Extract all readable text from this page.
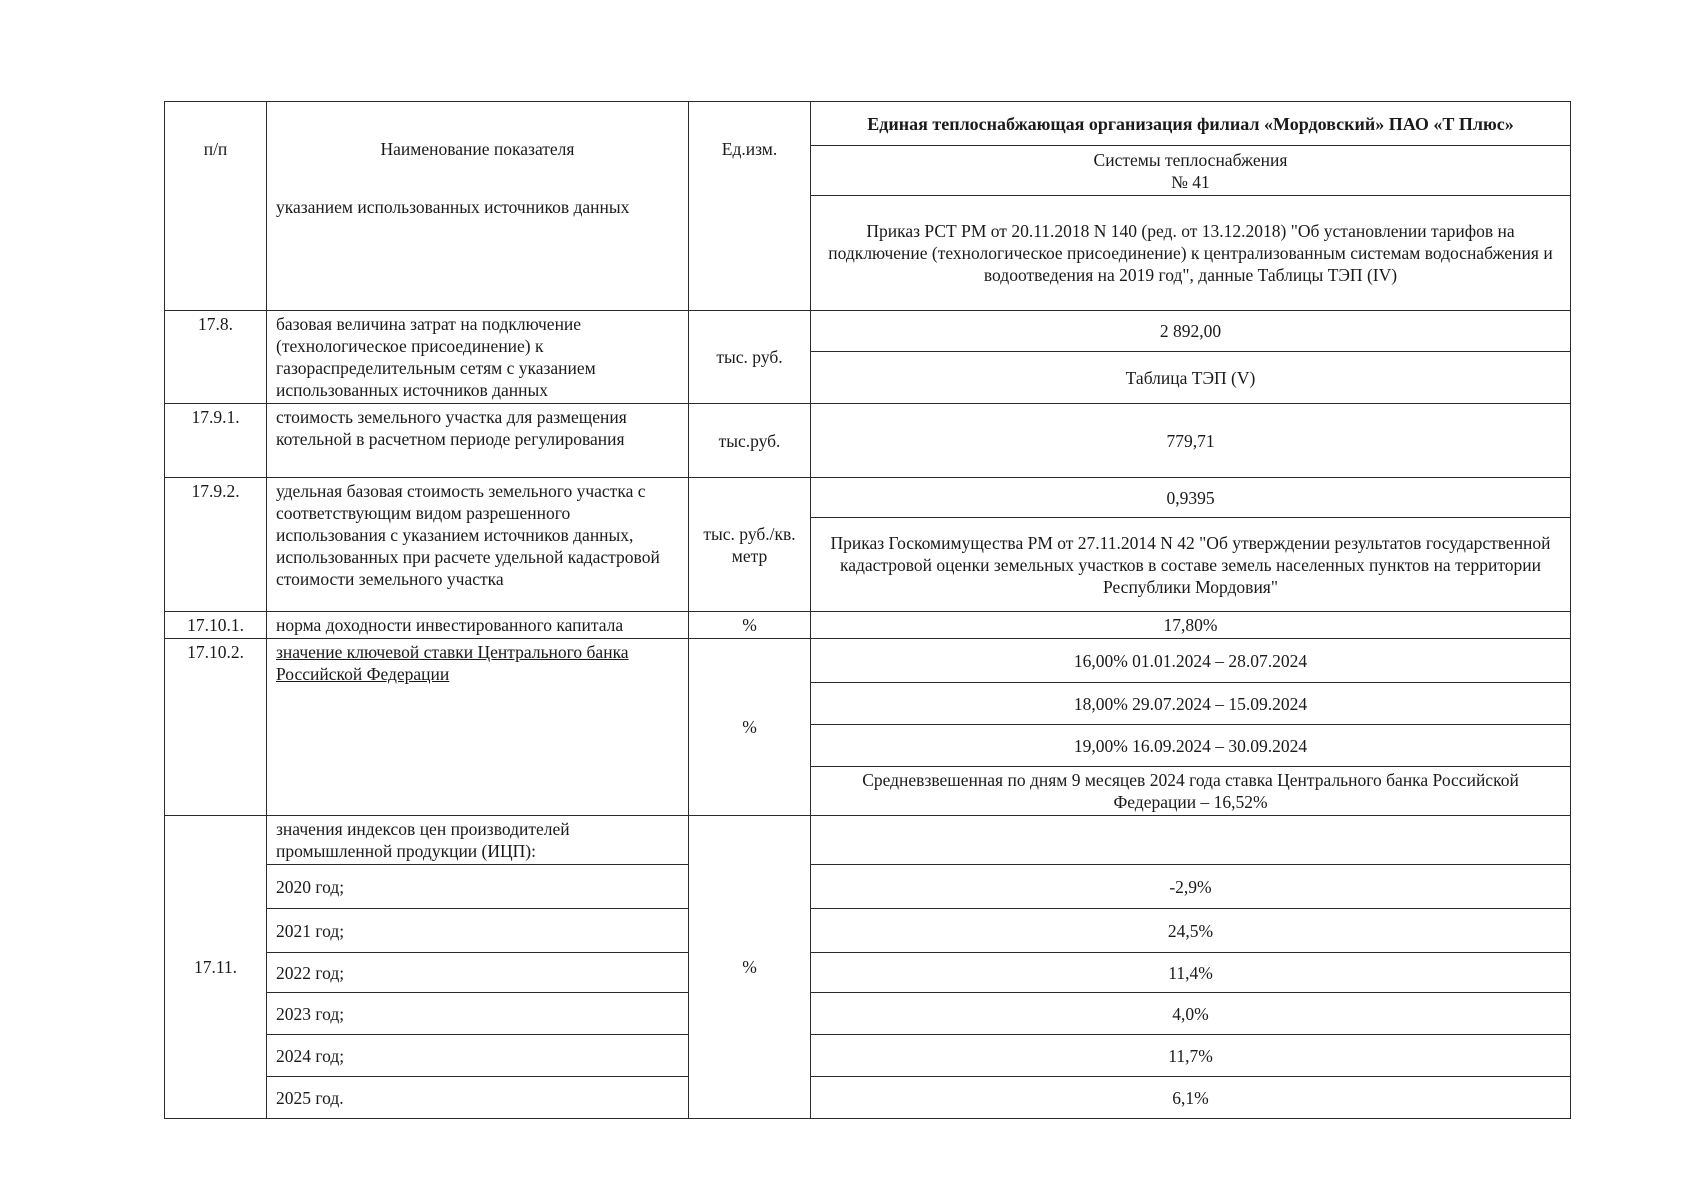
п/п	Наименование показателя	Ед.изм.	Единая теплоснабжающая организация филиал «Мордовский» ПАО «Т Плюс»

			Системы теплоснабжения
№ 41

	указанием использованных источников данных		Приказ РСТ РМ от 20.11.2018 N 140 (ред. от 13.12.2018) "Об установлении тарифов на подключение (технологическое присоединение) к централизованным системам водоснабжения и водоотведения на 2019 год", данные Таблицы ТЭП (IV)
17.8.	базовая величина затрат на подключение (технологическое присоединение) к газораспределительным сетям с указанием использованных источников данных	тыс. руб.	2 892,00
			Таблица ТЭП (V)
17.9.1.	стоимость земельного участка для размещения котельной в расчетном периоде регулирования	тыс.руб.	779,71
17.9.2.	удельная базовая стоимость земельного участка с соответствующим видом разрешенного использования с указанием источников данных, использованных при расчете удельной кадастровой стоимости земельного участка	тыс. руб./кв. метр	0,9395
			Приказ Госкомимущества РМ от 27.11.2014 N 42 "Об утверждении результатов государственной кадастровой оценки земельных участков в составе земель населенных пунктов на территории Республики Мордовия"
17.10.1.	норма доходности инвестированного капитала	%	17,80%
17.10.2.	значение ключевой ставки Центрального банка Российской Федерации	%	16,00% 01.01.2024 – 28.07.2024
			18,00% 29.07.2024 – 15.09.2024
			19,00% 16.09.2024 – 30.09.2024
			Средневзвешенная по дням 9 месяцев 2024 года ставка Центрального банка Российской Федерации – 16,52%
17.11.	значения индексов цен производителей промышленной продукции (ИЦП):	%	
	2020 год;		-2,9%
	2021 год;		24,5%
	2022 год;		11,4%
	2023 год;		4,0%
	2024 год;		11,7%
	2025 год.		6,1%
